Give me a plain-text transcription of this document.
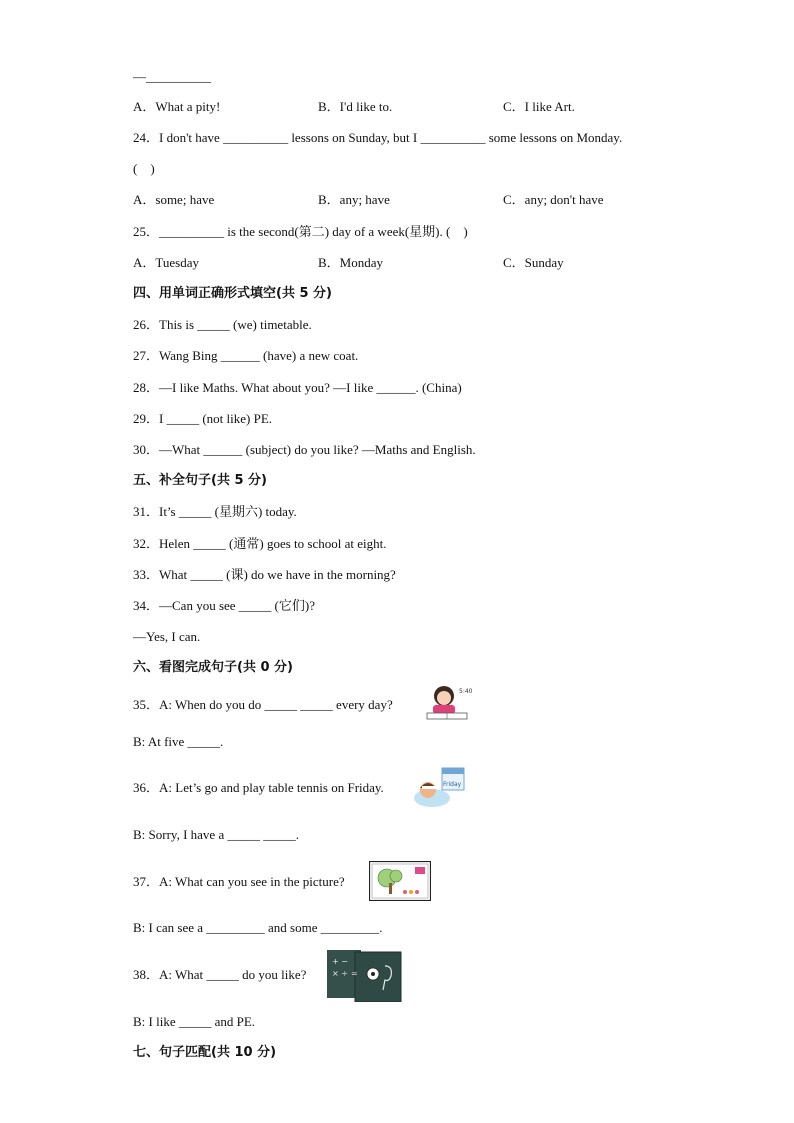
—__________
A．What a pity!	B．I'd like to.	C．I like Art.
24．I don't have __________ lessons on Sunday, but I __________ some lessons on Monday.
(　)
A．some; have	B．any; have	C．any; don't have
25．__________ is the second(第二) day of a week(星期). (　)
A．Tuesday	B．Monday	C．Sunday
四、用单词正确形式填空(共 5 分)
26．This is _____ (we) timetable.
27．Wang Bing ______ (have) a new coat.
28．—I like Maths. What about you? —I like ______. (China)
29．I _____ (not like) PE.
30．—What ______ (subject) do you like? —Maths and English.
五、补全句子(共 5 分)
31．It’s _____ (星期六) today.
32．Helen _____ (通常) goes to school at eight.
33．What _____ (课) do we have in the morning?
34．—Can you see _____ (它们)?
—Yes, I can.
六、看图完成句子(共 0 分)
35．A: When do you do _____ _____ every day?
5:40
B: At five _____.
36．A: Let’s go and play table tennis on Friday.	Friday
B: Sorry, I have a _____ _____.
37．A: What can you see in the picture?
B: I can see a _________ and some _________.
38．A: What _____ do you like?
+ −
× ÷ =
B: I like _____ and PE.
七、句子匹配(共 10 分)
